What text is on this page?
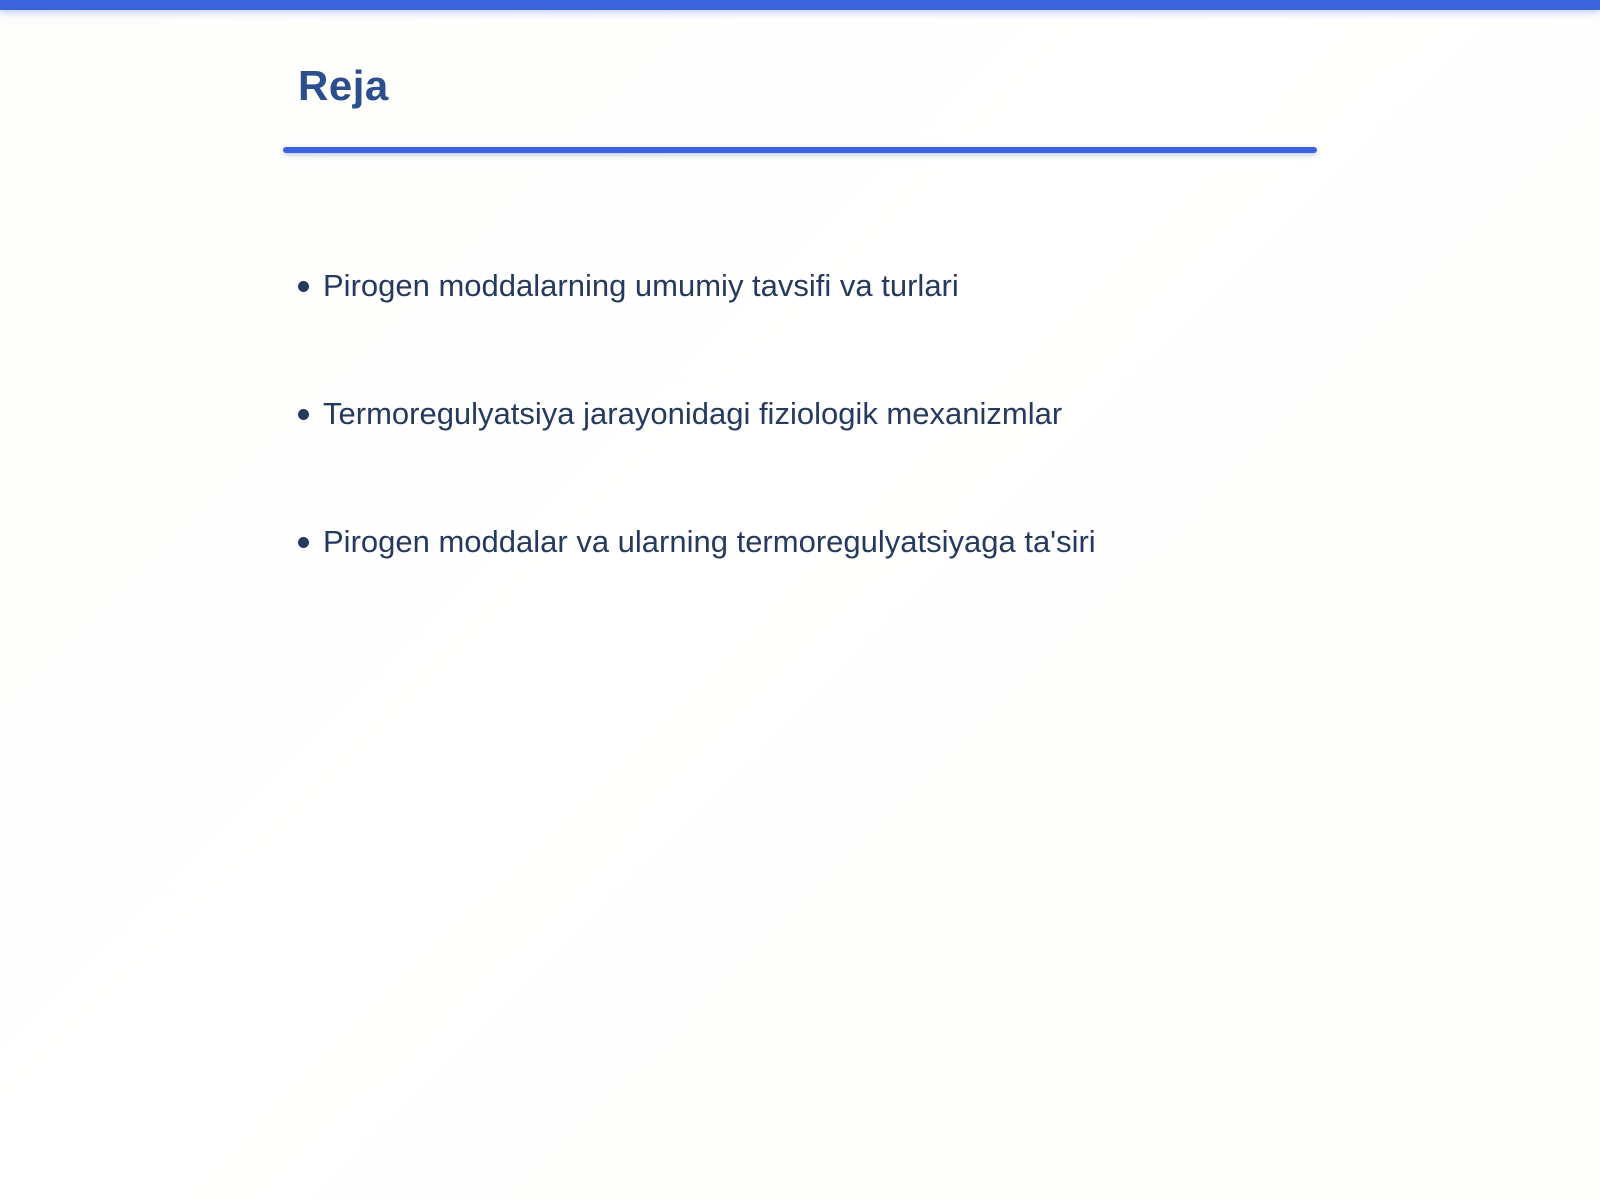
Reja
Pirogen moddalarning umumiy tavsifi va turlari
Termoregulyatsiya jarayonidagi fiziologik mexanizmlar
Pirogen moddalar va ularning termoregulyatsiyaga ta'siri
